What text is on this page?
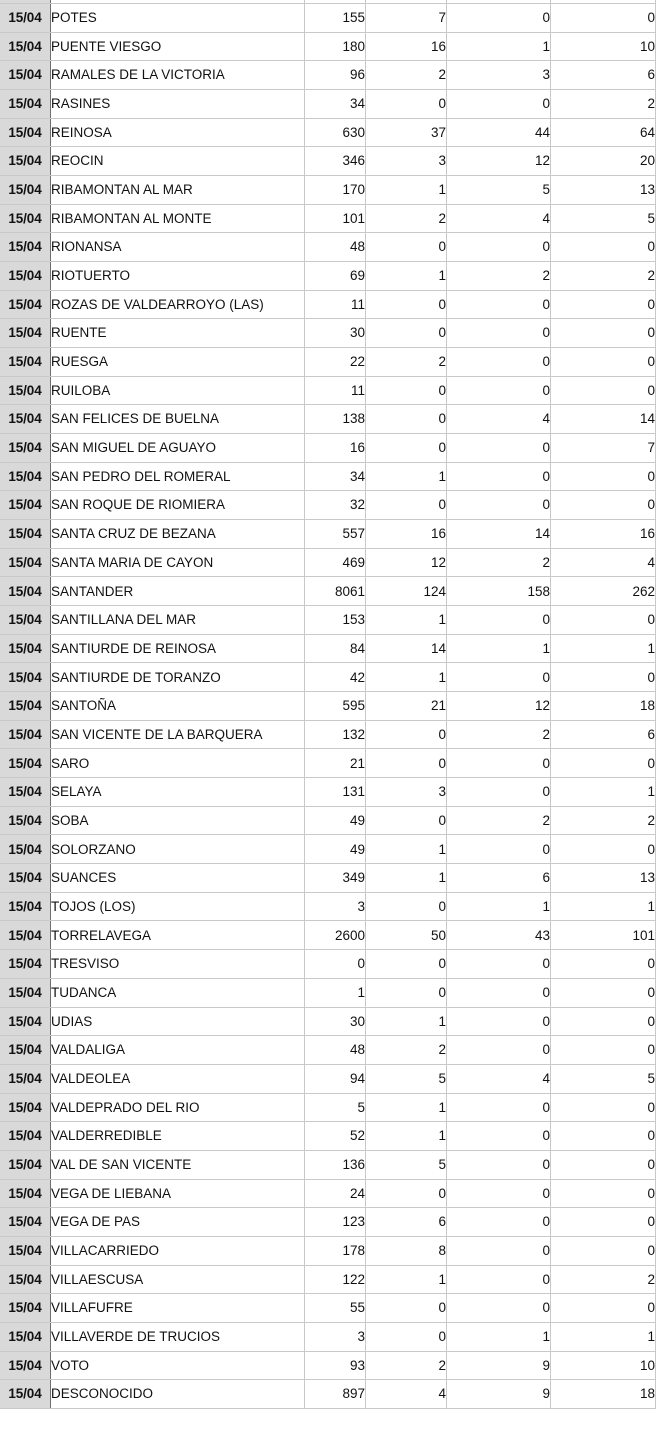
15/04	POTES	155	7	0	0
15/04	PUENTE VIESGO	180	16	1	10
15/04	RAMALES DE LA VICTORIA	96	2	3	6
15/04	RASINES	34	0	0	2
15/04	REINOSA	630	37	44	64
15/04	REOCIN	346	3	12	20
15/04	RIBAMONTAN AL MAR	170	1	5	13
15/04	RIBAMONTAN AL MONTE	101	2	4	5
15/04	RIONANSA	48	0	0	0
15/04	RIOTUERTO	69	1	2	2
15/04	ROZAS DE VALDEARROYO (LAS)	11	0	0	0
15/04	RUENTE	30	0	0	0
15/04	RUESGA	22	2	0	0
15/04	RUILOBA	11	0	0	0
15/04	SAN FELICES DE BUELNA	138	0	4	14
15/04	SAN MIGUEL DE AGUAYO	16	0	0	7
15/04	SAN PEDRO DEL ROMERAL	34	1	0	0
15/04	SAN ROQUE DE RIOMIERA	32	0	0	0
15/04	SANTA CRUZ DE BEZANA	557	16	14	16
15/04	SANTA MARIA DE CAYON	469	12	2	4
15/04	SANTANDER	8061	124	158	262
15/04	SANTILLANA DEL MAR	153	1	0	0
15/04	SANTIURDE DE REINOSA	84	14	1	1
15/04	SANTIURDE DE TORANZO	42	1	0	0
15/04	SANTOÑA	595	21	12	18
15/04	SAN VICENTE DE LA BARQUERA	132	0	2	6
15/04	SARO	21	0	0	0
15/04	SELAYA	131	3	0	1
15/04	SOBA	49	0	2	2
15/04	SOLORZANO	49	1	0	0
15/04	SUANCES	349	1	6	13
15/04	TOJOS (LOS)	3	0	1	1
15/04	TORRELAVEGA	2600	50	43	101
15/04	TRESVISO	0	0	0	0
15/04	TUDANCA	1	0	0	0
15/04	UDIAS	30	1	0	0
15/04	VALDALIGA	48	2	0	0
15/04	VALDEOLEA	94	5	4	5
15/04	VALDEPRADO DEL RIO	5	1	0	0
15/04	VALDERREDIBLE	52	1	0	0
15/04	VAL DE SAN VICENTE	136	5	0	0
15/04	VEGA DE LIEBANA	24	0	0	0
15/04	VEGA DE PAS	123	6	0	0
15/04	VILLACARRIEDO	178	8	0	0
15/04	VILLAESCUSA	122	1	0	2
15/04	VILLAFUFRE	55	0	0	0
15/04	VILLAVERDE DE TRUCIOS	3	0	1	1
15/04	VOTO	93	2	9	10
15/04	DESCONOCIDO	897	4	9	18
